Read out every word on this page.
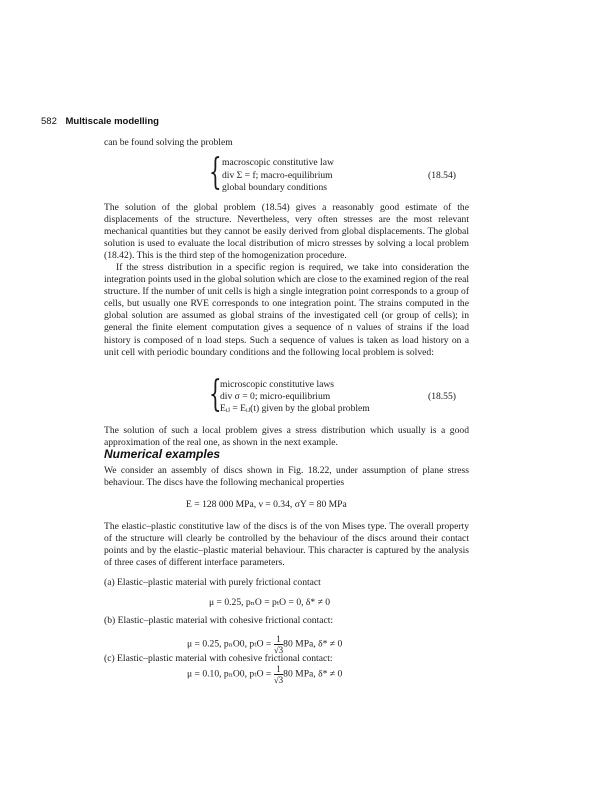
582 Multiscale modelling
can be found solving the problem
{ macroscopic constitutive law
div Σ = f; macro-equilibrium
global boundary conditions
(18.54)

The solution of the global problem (18.54) gives a reasonably good estimate of the displacements of the structure. Nevertheless, very often stresses are the most relevant mechanical quantities but they cannot be easily derived from global displacements. The global solution is used to evaluate the local distribution of micro stresses by solving a local problem (18.42). This is the third step of the homogenization procedure.

If the stress distribution in a specific region is required, we take into consideration the integration points used in the global solution which are close to the examined region of the real structure. If the number of unit cells is high a single integration point corresponds to a group of cells, but usually one RVE corresponds to one integration point. The strains computed in the global solution are assumed as global strains of the investigated cell (or group of cells); in general the finite element computation gives a sequence of n values of strains if the load history is composed of n load steps. Such a sequence of values is taken as load history on a unit cell with periodic boundary conditions and the following local problem is solved:

{
microscopic constitutive laws
div σ = 0; micro-equilibrium
Eᵢⱼ = Eᵢⱼ(t) given by the global problem
(18.55)

The solution of such a local problem gives a stress distribution which usually is a good approximation of the real one, as shown in the next example.

Numerical examples

We consider an assembly of discs shown in Fig. 18.22, under assumption of plane stress behaviour. The discs have the following mechanical properties

E = 128 000 MPa, ν = 0.34, σY = 80 MPa

The elastic–plastic constitutive law of the discs is of the von Mises type. The overall property of the structure will clearly be controlled by the behaviour of the discs around their contact points and by the elastic–plastic material behaviour. This character is captured by the analysis of three cases of different interface parameters.

(a) Elastic–plastic material with purely frictional contact
μ = 0.25, pₙO = pₜO = 0, δ* ≠ 0
(b) Elastic–plastic material with cohesive frictional contact:
μ = 0.25, pₙO0, $p_tO = \frac{1}{√3} 80$ MPa, δ* ≠ 0
(c) Elastic–plastic material with cohesive frictional contact:
μ = 0.10, pₙO0, $p_tO = \frac{1}{√3} 80$ MPa, δ* ≠ 0
